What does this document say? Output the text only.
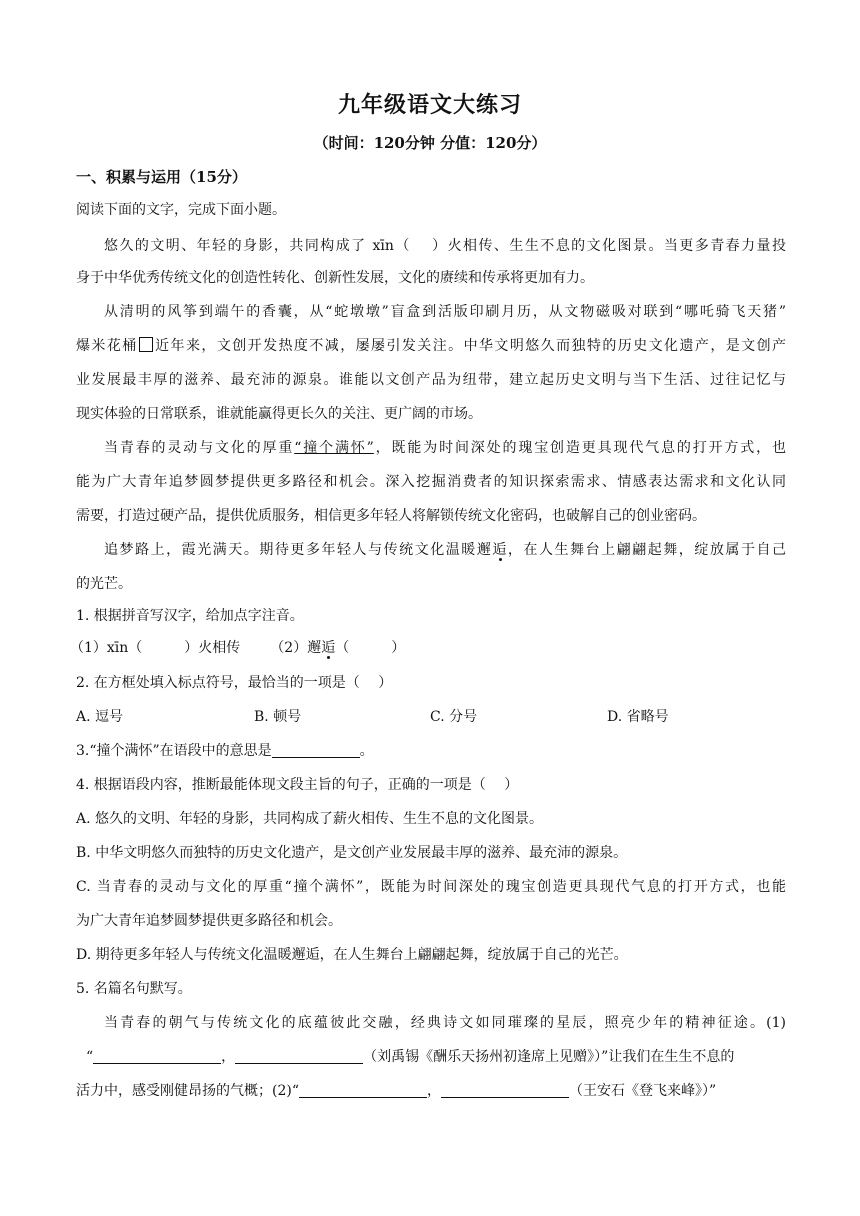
九年级语文大练习
（时间：120分钟 分值：120分）
一、积累与运用（15分）
阅读下面的文字，完成下面小题。
悠久的文明、年轻的身影，共同构成了 xīn（　 ）火相传、生生不息的文化图景。当更多青春力量投
身于中华优秀传统文化的创造性转化、创新性发展，文化的赓续和传承将更加有力。
从清明的风筝到端午的香囊，从“蛇墩墩”盲盒到活版印刷月历，从文物磁吸对联到“哪吒骑飞天猪”
爆米花桶 近年来，文创开发热度不减，屡屡引发关注。中华文明悠久而独特的历史文化遗产，是文创产
业发展最丰厚的滋养、最充沛的源泉。谁能以文创产品为纽带，建立起历史文明与当下生活、过往记忆与
现实体验的日常联系，谁就能赢得更长久的关注、更广阔的市场。
当青春的灵动与文化的厚重“撞个满怀”，既能为时间深处的瑰宝创造更具现代气息的打开方式，也
能为广大青年追梦圆梦提供更多路径和机会。深入挖掘消费者的知识探索需求、情感表达需求和文化认同
需要，打造过硬产品，提供优质服务，相信更多年轻人将解锁传统文化密码，也破解自己的创业密码。
追梦路上，霞光满天。期待更多年轻人与传统文化温暖邂逅，在人生舞台上翩翩起舞，绽放属于自己
的光芒。
1. 根据拼音写汉字，给加点字注音。
（1）xīn（　　　）火相传 （2）邂逅（　　　）
2. 在方框处填入标点符号，最恰当的一项是（　 ）
A. 逗号	B. 顿号	C. 分号	D. 省略号
3.“撞个满怀”在语段中的意思是	。
4. 根据语段内容，推断最能体现文段主旨的句子，正确的一项是（　 ）
A. 悠久的文明、年轻的身影，共同构成了薪火相传、生生不息的文化图景。
B. 中华文明悠久而独特的历史文化遗产，是文创产业发展最丰厚的滋养、最充沛的源泉。
C. 当青春的灵动与文化的厚重“撞个满怀”，既能为时间深处的瑰宝创造更具现代气息的打开方式，也能
为广大青年追梦圆梦提供更多路径和机会。
D. 期待更多年轻人与传统文化温暖邂逅，在人生舞台上翩翩起舞，绽放属于自己的光芒。
5. 名篇名句默写。
当青春的朝气与传统文化的底蕴彼此交融，经典诗文如同璀璨的星辰，照亮少年的精神征途。(1)
“	，	（刘禹锡《酬乐天扬州初逢席上见赠》）”让我们在生生不息的
活力中，感受刚健昂扬的气概；(2)“	，	（王安石《登飞来峰》）”
